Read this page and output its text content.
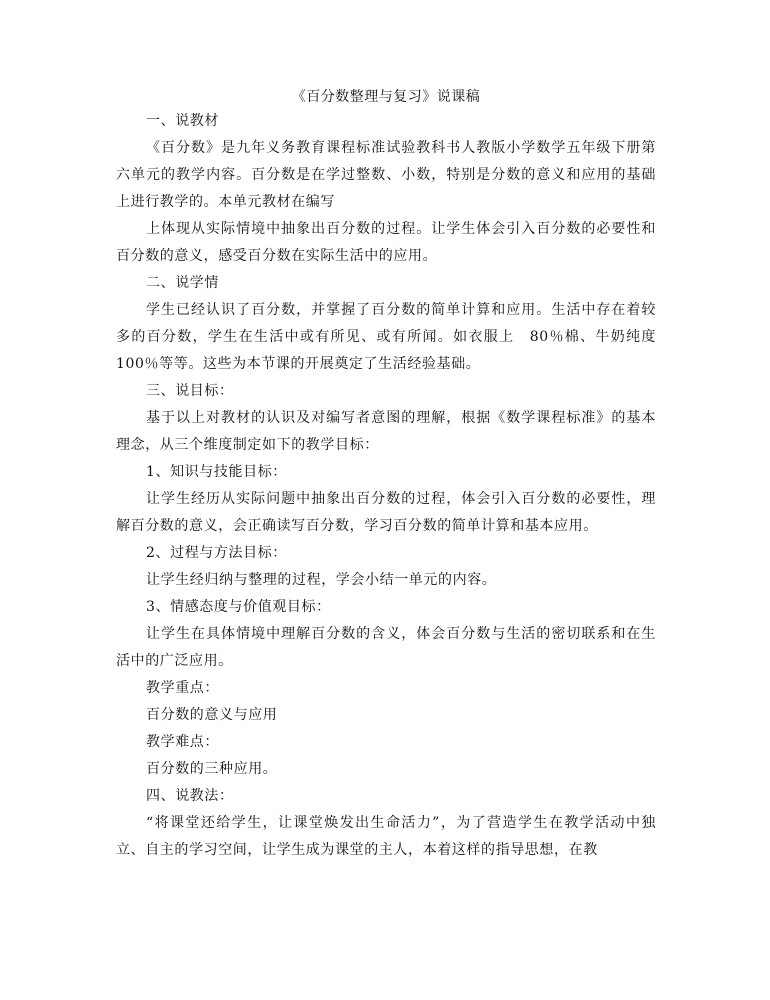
《百分数整理与复习》说课稿

一、说教材

《百分数》是九年义务教育课程标准试验教科书人教版小学数学五年级下册第六单元的教学内容。百分数是在学过整数、小数，特别是分数的意义和应用的基础上进行教学的。本单元教材在编写

上体现从实际情境中抽象出百分数的过程。让学生体会引入百分数的必要性和百分数的意义，感受百分数在实际生活中的应用。

二、说学情

学生已经认识了百分数，并掌握了百分数的简单计算和应用。生活中存在着较多的百分数，学生在生活中或有所见、或有所闻。如衣服上　80％棉、牛奶纯度　100％等等。这些为本节课的开展奠定了生活经验基础。

三、说目标：

基于以上对教材的认识及对编写者意图的理解，根据《数学课程标准》的基本理念，从三个维度制定如下的教学目标：

1、知识与技能目标：

让学生经历从实际问题中抽象出百分数的过程，体会引入百分数的必要性，理解百分数的意义，会正确读写百分数，学习百分数的简单计算和基本应用。

2、过程与方法目标：

让学生经归纳与整理的过程，学会小结一单元的内容。

3、情感态度与价值观目标：

让学生在具体情境中理解百分数的含义，体会百分数与生活的密切联系和在生活中的广泛应用。

教学重点：

百分数的意义与应用

教学难点：

百分数的三种应用。

四、说教法：

“将课堂还给学生，让课堂焕发出生命活力”，为了营造学生在教学活动中独立、自主的学习空间，让学生成为课堂的主人，本着这样的指导思想，在教
